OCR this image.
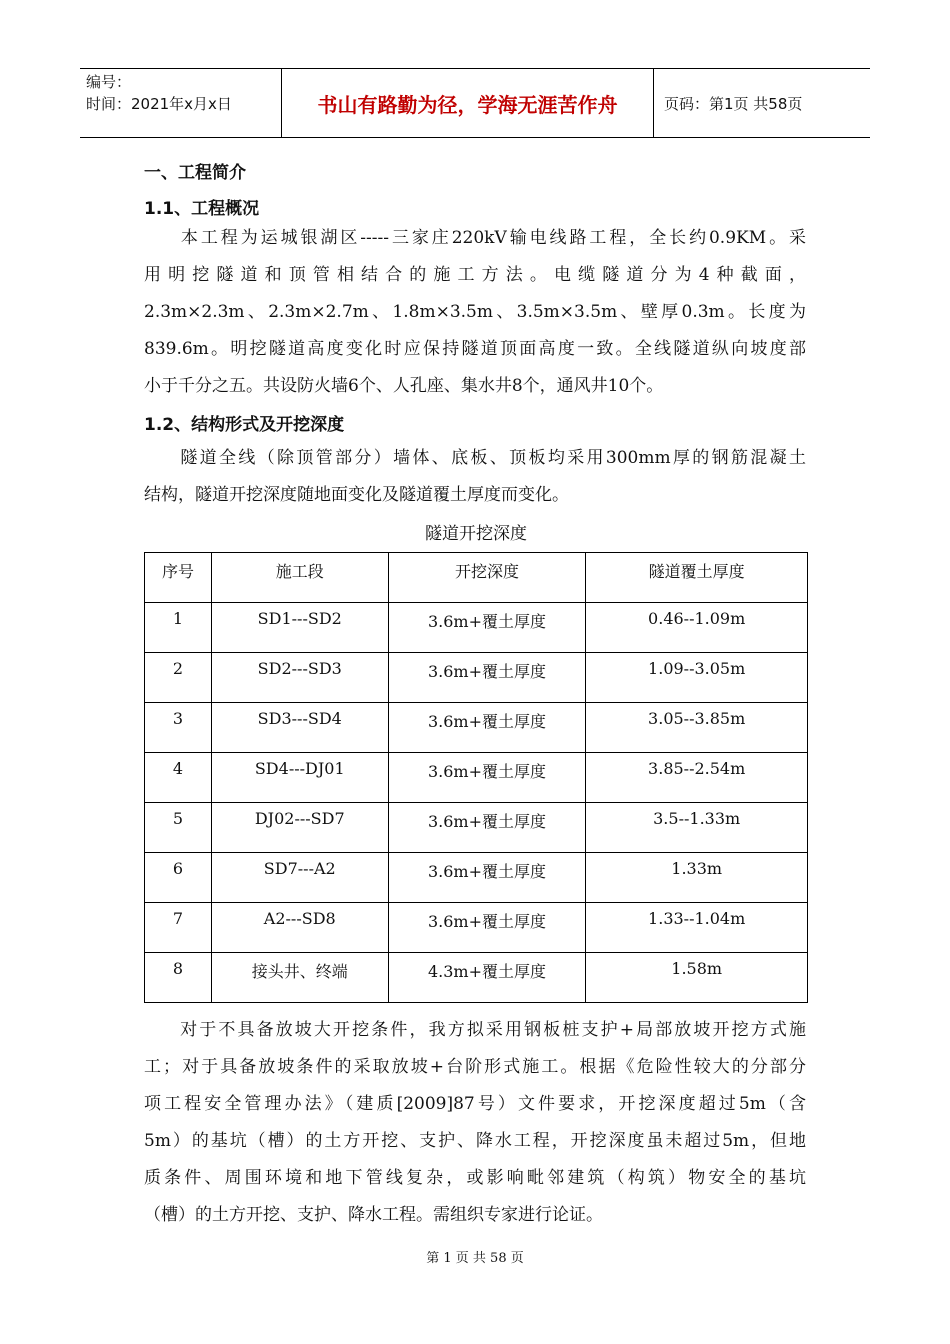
编号：
时间：2021年x月x日	书山有路勤为径，学海无涯苦作舟	页码：第1页 共58页
一、工程简介
1.1、工程概况
本工程为运城银湖区-----三家庄220kV输电线路工程，全长约0.9KM。采
用明挖隧道和顶管相结合的施工方法。电缆隧道分为4种截面，
2.3m×2.3m、2.3m×2.7m、1.8m×3.5m、3.5m×3.5m、壁厚0.3m。长度为
839.6m。明挖隧道高度变化时应保持隧道顶面高度一致。全线隧道纵向坡度部
小于千分之五。共设防火墙6个、人孔座、集水井8个，通风井10个。
1.2、结构形式及开挖深度
隧道全线（除顶管部分）墙体、底板、顶板均采用300mm厚的钢筋混凝土
结构，隧道开挖深度随地面变化及隧道覆土厚度而变化。
隧道开挖深度
序号	施工段	开挖深度	隧道覆土厚度
1	SD1---SD2	3.6m+覆土厚度	0.46--1.09m
2	SD2---SD3	3.6m+覆土厚度	1.09--3.05m
3	SD3---SD4	3.6m+覆土厚度	3.05--3.85m
4	SD4---DJ01	3.6m+覆土厚度	3.85--2.54m
5	DJ02---SD7	3.6m+覆土厚度	3.5--1.33m
6	SD7---A2	3.6m+覆土厚度	1.33m
7	A2---SD8	3.6m+覆土厚度	1.33--1.04m
8	接头井、终端	4.3m+覆土厚度	1.58m
对于不具备放坡大开挖条件，我方拟采用钢板桩支护+局部放坡开挖方式施
工；对于具备放坡条件的采取放坡+台阶形式施工。根据《危险性较大的分部分
项工程安全管理办法》（建质[2009]87号）文件要求，开挖深度超过5m（含
5m）的基坑（槽）的土方开挖、支护、降水工程，开挖深度虽未超过5m，但地
质条件、周围环境和地下管线复杂，或影响毗邻建筑（构筑）物安全的基坑
（槽）的土方开挖、支护、降水工程。需组织专家进行论证。
第 1 页 共 58 页
